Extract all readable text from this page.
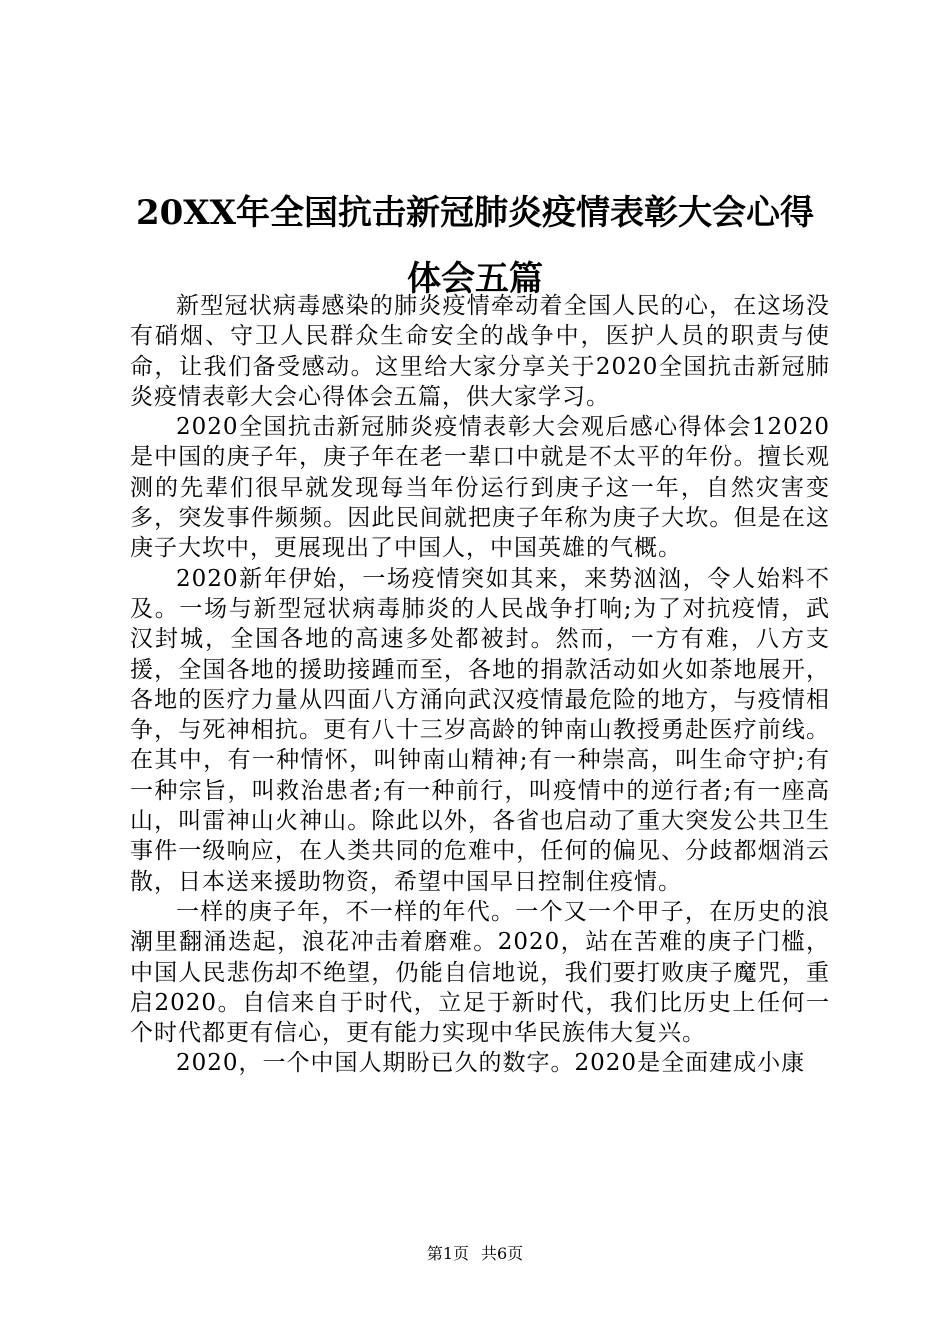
20XX年全国抗击新冠肺炎疫情表彰大会心得体会五篇

新型冠状病毒感染的肺炎疫情牵动着全国人民的心，在这场没有硝烟、守卫人民群众生命安全的战争中，医护人员的职责与使命，让我们备受感动。这里给大家分享关于2020全国抗击新冠肺炎疫情表彰大会心得体会五篇，供大家学习。

2020全国抗击新冠肺炎疫情表彰大会观后感心得体会12020是中国的庚子年，庚子年在老一辈口中就是不太平的年份。擅长观测的先辈们很早就发现每当年份运行到庚子这一年，自然灾害变多，突发事件频频。因此民间就把庚子年称为庚子大坎。但是在这庚子大坎中，更展现出了中国人，中国英雄的气概。

2020新年伊始，一场疫情突如其来，来势汹汹，令人始料不及。一场与新型冠状病毒肺炎的人民战争打响;为了对抗疫情，武汉封城，全国各地的高速多处都被封。然而，一方有难，八方支援，全国各地的援助接踵而至，各地的捐款活动如火如荼地展开，各地的医疗力量从四面八方涌向武汉疫情最危险的地方，与疫情相争，与死神相抗。更有八十三岁高龄的钟南山教授勇赴医疗前线。在其中，有一种情怀，叫钟南山精神;有一种崇高，叫生命守护;有一种宗旨，叫救治患者;有一种前行，叫疫情中的逆行者;有一座高山，叫雷神山火神山。除此以外，各省也启动了重大突发公共卫生事件一级响应，在人类共同的危难中，任何的偏见、分歧都烟消云散，日本送来援助物资，希望中国早日控制住疫情。

一样的庚子年，不一样的年代。一个又一个甲子，在历史的浪潮里翻涌迭起，浪花冲击着磨难。2020，站在苦难的庚子门槛，中国人民悲伤却不绝望，仍能自信地说，我们要打败庚子魔咒，重启2020。自信来自于时代，立足于新时代，我们比历史上任何一个时代都更有信心，更有能力实现中华民族伟大复兴。

2020，一个中国人期盼已久的数字。2020是全面建成小康

第1页 共6页
